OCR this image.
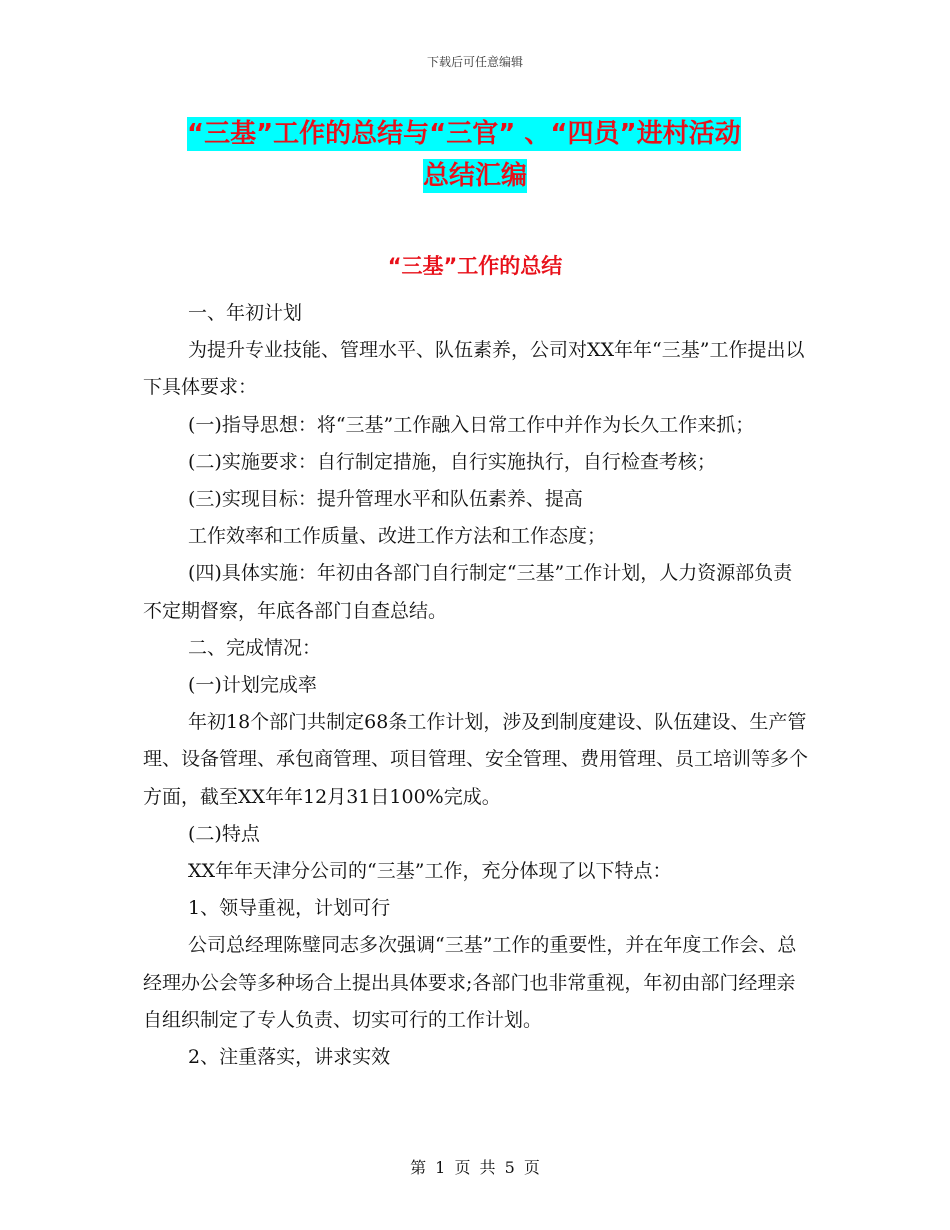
下载后可任意编辑
“三基”工作的总结与“三官” 、“四员”进村活动
总结汇编
“三基”工作的总结

一、年初计划

为提升专业技能、管理水平、队伍素养，公司对XX年年“三基”工作提出以下具体要求：

(一)指导思想：将“三基”工作融入日常工作中并作为长久工作来抓；

(二)实施要求：自行制定措施，自行实施执行，自行检查考核；

(三)实现目标：提升管理水平和队伍素养、提高

工作效率和工作质量、改进工作方法和工作态度；

(四)具体实施：年初由各部门自行制定“三基”工作计划，人力资源部负责不定期督察，年底各部门自查总结。

二、完成情况：

(一)计划完成率

年初18个部门共制定68条工作计划，涉及到制度建设、队伍建设、生产管理、设备管理、承包商管理、项目管理、安全管理、费用管理、员工培训等多个方面，截至XX年年12月31日100%完成。

(二)特点

XX年年天津分公司的“三基”工作，充分体现了以下特点：

1、领导重视，计划可行

公司总经理陈璧同志多次强调“三基”工作的重要性，并在年度工作会、总经理办公会等多种场合上提出具体要求;各部门也非常重视，年初由部门经理亲自组织制定了专人负责、切实可行的工作计划。

2、注重落实，讲求实效

第 1 页 共 5 页
